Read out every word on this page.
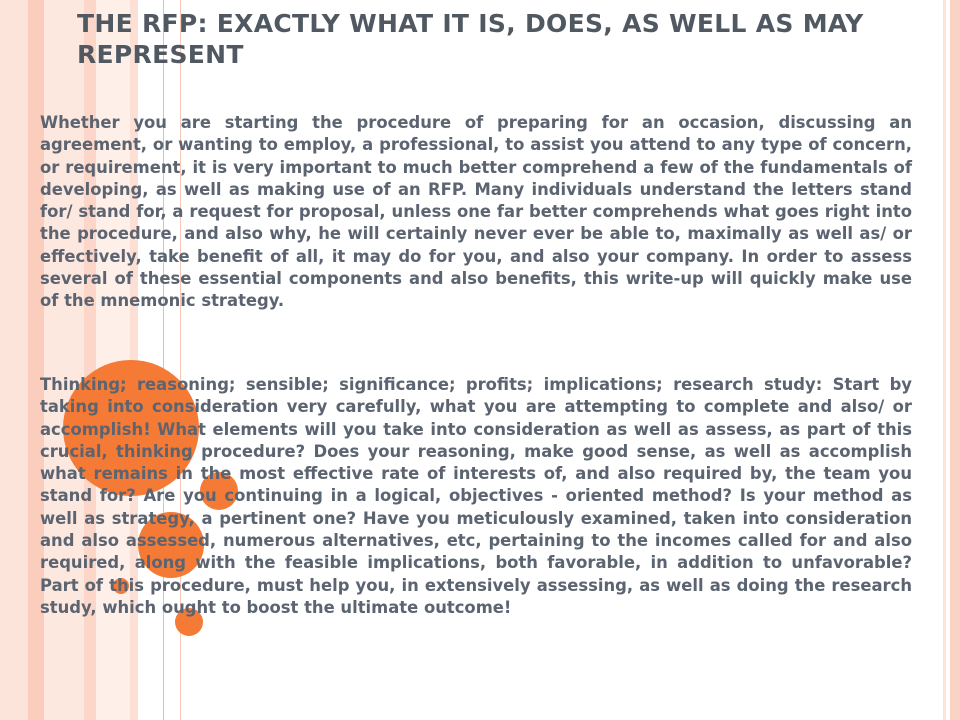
THE RFP: EXACTLY WHAT IT IS, DOES, AS WELL AS MAY REPRESENT

Whether you are starting the procedure of preparing for an occasion, discussing an agreement, or wanting to employ, a professional, to assist you attend to any type of concern, or requirement, it is very important to much better comprehend a few of the fundamentals of developing, as well as making use of an RFP. Many individuals understand the letters stand for/ stand for, a request for proposal, unless one far better comprehends what goes right into the procedure, and also why, he will certainly never ever be able to, maximally as well as/ or effectively, take benefit of all, it may do for you, and also your company. In order to assess several of these essential components and also benefits, this write-up will quickly make use of the mnemonic strategy.

Thinking; reasoning; sensible; significance; profits; implications; research study: Start by taking into consideration very carefully, what you are attempting to complete and also/ or accomplish! What elements will you take into consideration as well as assess, as part of this crucial, thinking procedure? Does your reasoning, make good sense, as well as accomplish what remains in the most effective rate of interests of, and also required by, the team you stand for? Are you continuing in a logical, objectives - oriented method? Is your method as well as strategy, a pertinent one? Have you meticulously examined, taken into consideration and also assessed, numerous alternatives, etc, pertaining to the incomes called for and also required, along with the feasible implications, both favorable, in addition to unfavorable? Part of this procedure, must help you, in extensively assessing, as well as doing the research study, which ought to boost the ultimate outcome!
